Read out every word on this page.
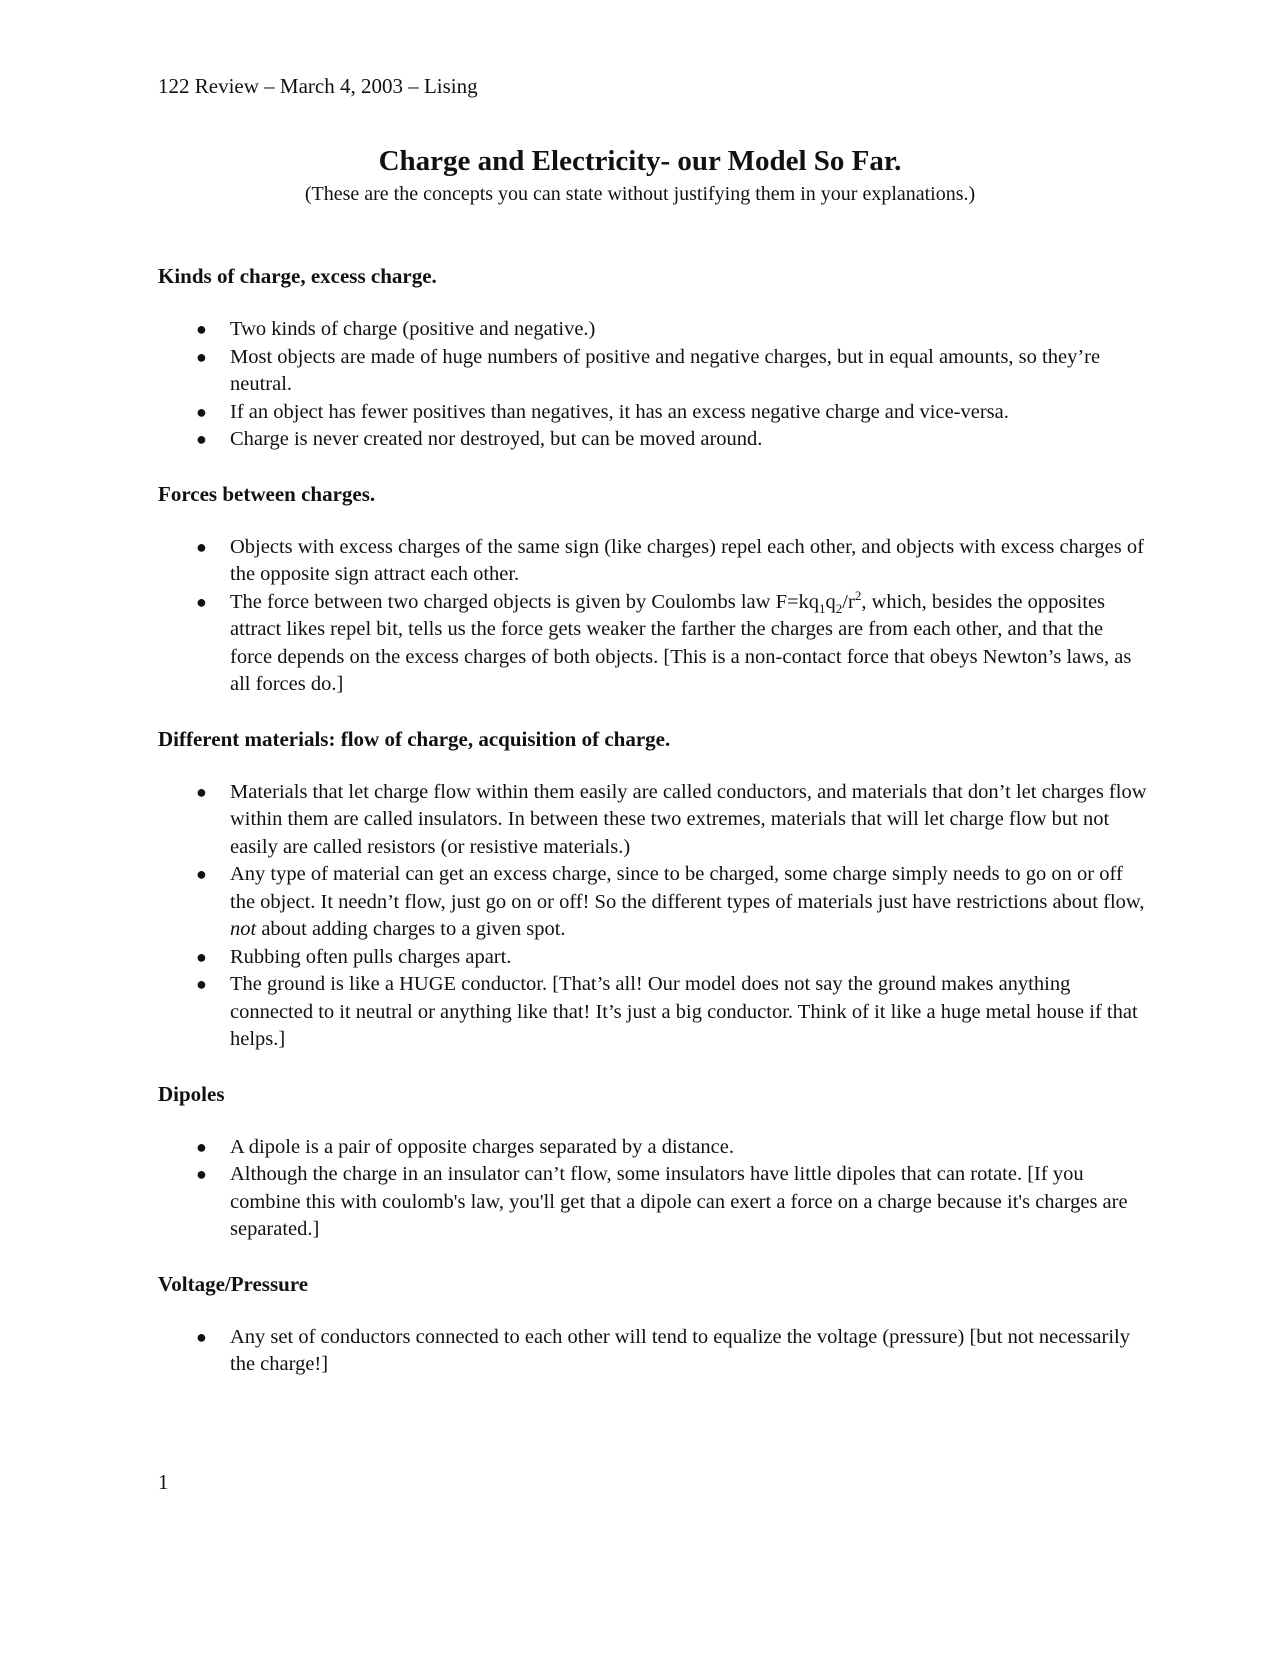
122 Review – March 4, 2003 – Lising
Charge and Electricity- our Model So Far.
(These are the concepts you can state without justifying them in your explanations.)
Kinds of charge, excess charge.
● Two kinds of charge (positive and negative.)
● Most objects are made of huge numbers of positive and negative charges, but in equal amounts, so they’re neutral.
● If an object has fewer positives than negatives, it has an excess negative charge and vice-versa.
● Charge is never created nor destroyed, but can be moved around.
Forces between charges.
● Objects with excess charges of the same sign (like charges) repel each other, and objects with excess charges of the opposite sign attract each other.
● The force between two charged objects is given by Coulombs law $F=kq_1q_2/r^2$, which, besides the opposites attract likes repel bit, tells us the force gets weaker the farther the charges are from each other, and that the force depends on the excess charges of both objects. [This is a non-contact force that obeys Newton’s laws, as all forces do.]
Different materials: flow of charge, acquisition of charge.
● Materials that let charge flow within them easily are called conductors, and materials that don’t let charges flow within them are called insulators. In between these two extremes, materials that will let charge flow but not easily are called resistors (or resistive materials.)
● Any type of material can get an excess charge, since to be charged, some charge simply needs to go on or off the object. It needn’t flow, just go on or off! So the different types of materials just have restrictions about flow, not about adding charges to a given spot.
● Rubbing often pulls charges apart.
● The ground is like a HUGE conductor. [That’s all! Our model does not say the ground makes anything connected to it neutral or anything like that! It’s just a big conductor. Think of it like a huge metal house if that helps.]
Dipoles
● A dipole is a pair of opposite charges separated by a distance.
● Although the charge in an insulator can’t flow, some insulators have little dipoles that can rotate. [If you combine this with coulomb's law, you'll get that a dipole can exert a force on a charge because it's charges are separated.]
Voltage/Pressure
● Any set of conductors connected to each other will tend to equalize the voltage (pressure) [but not necessarily the charge!]
1
